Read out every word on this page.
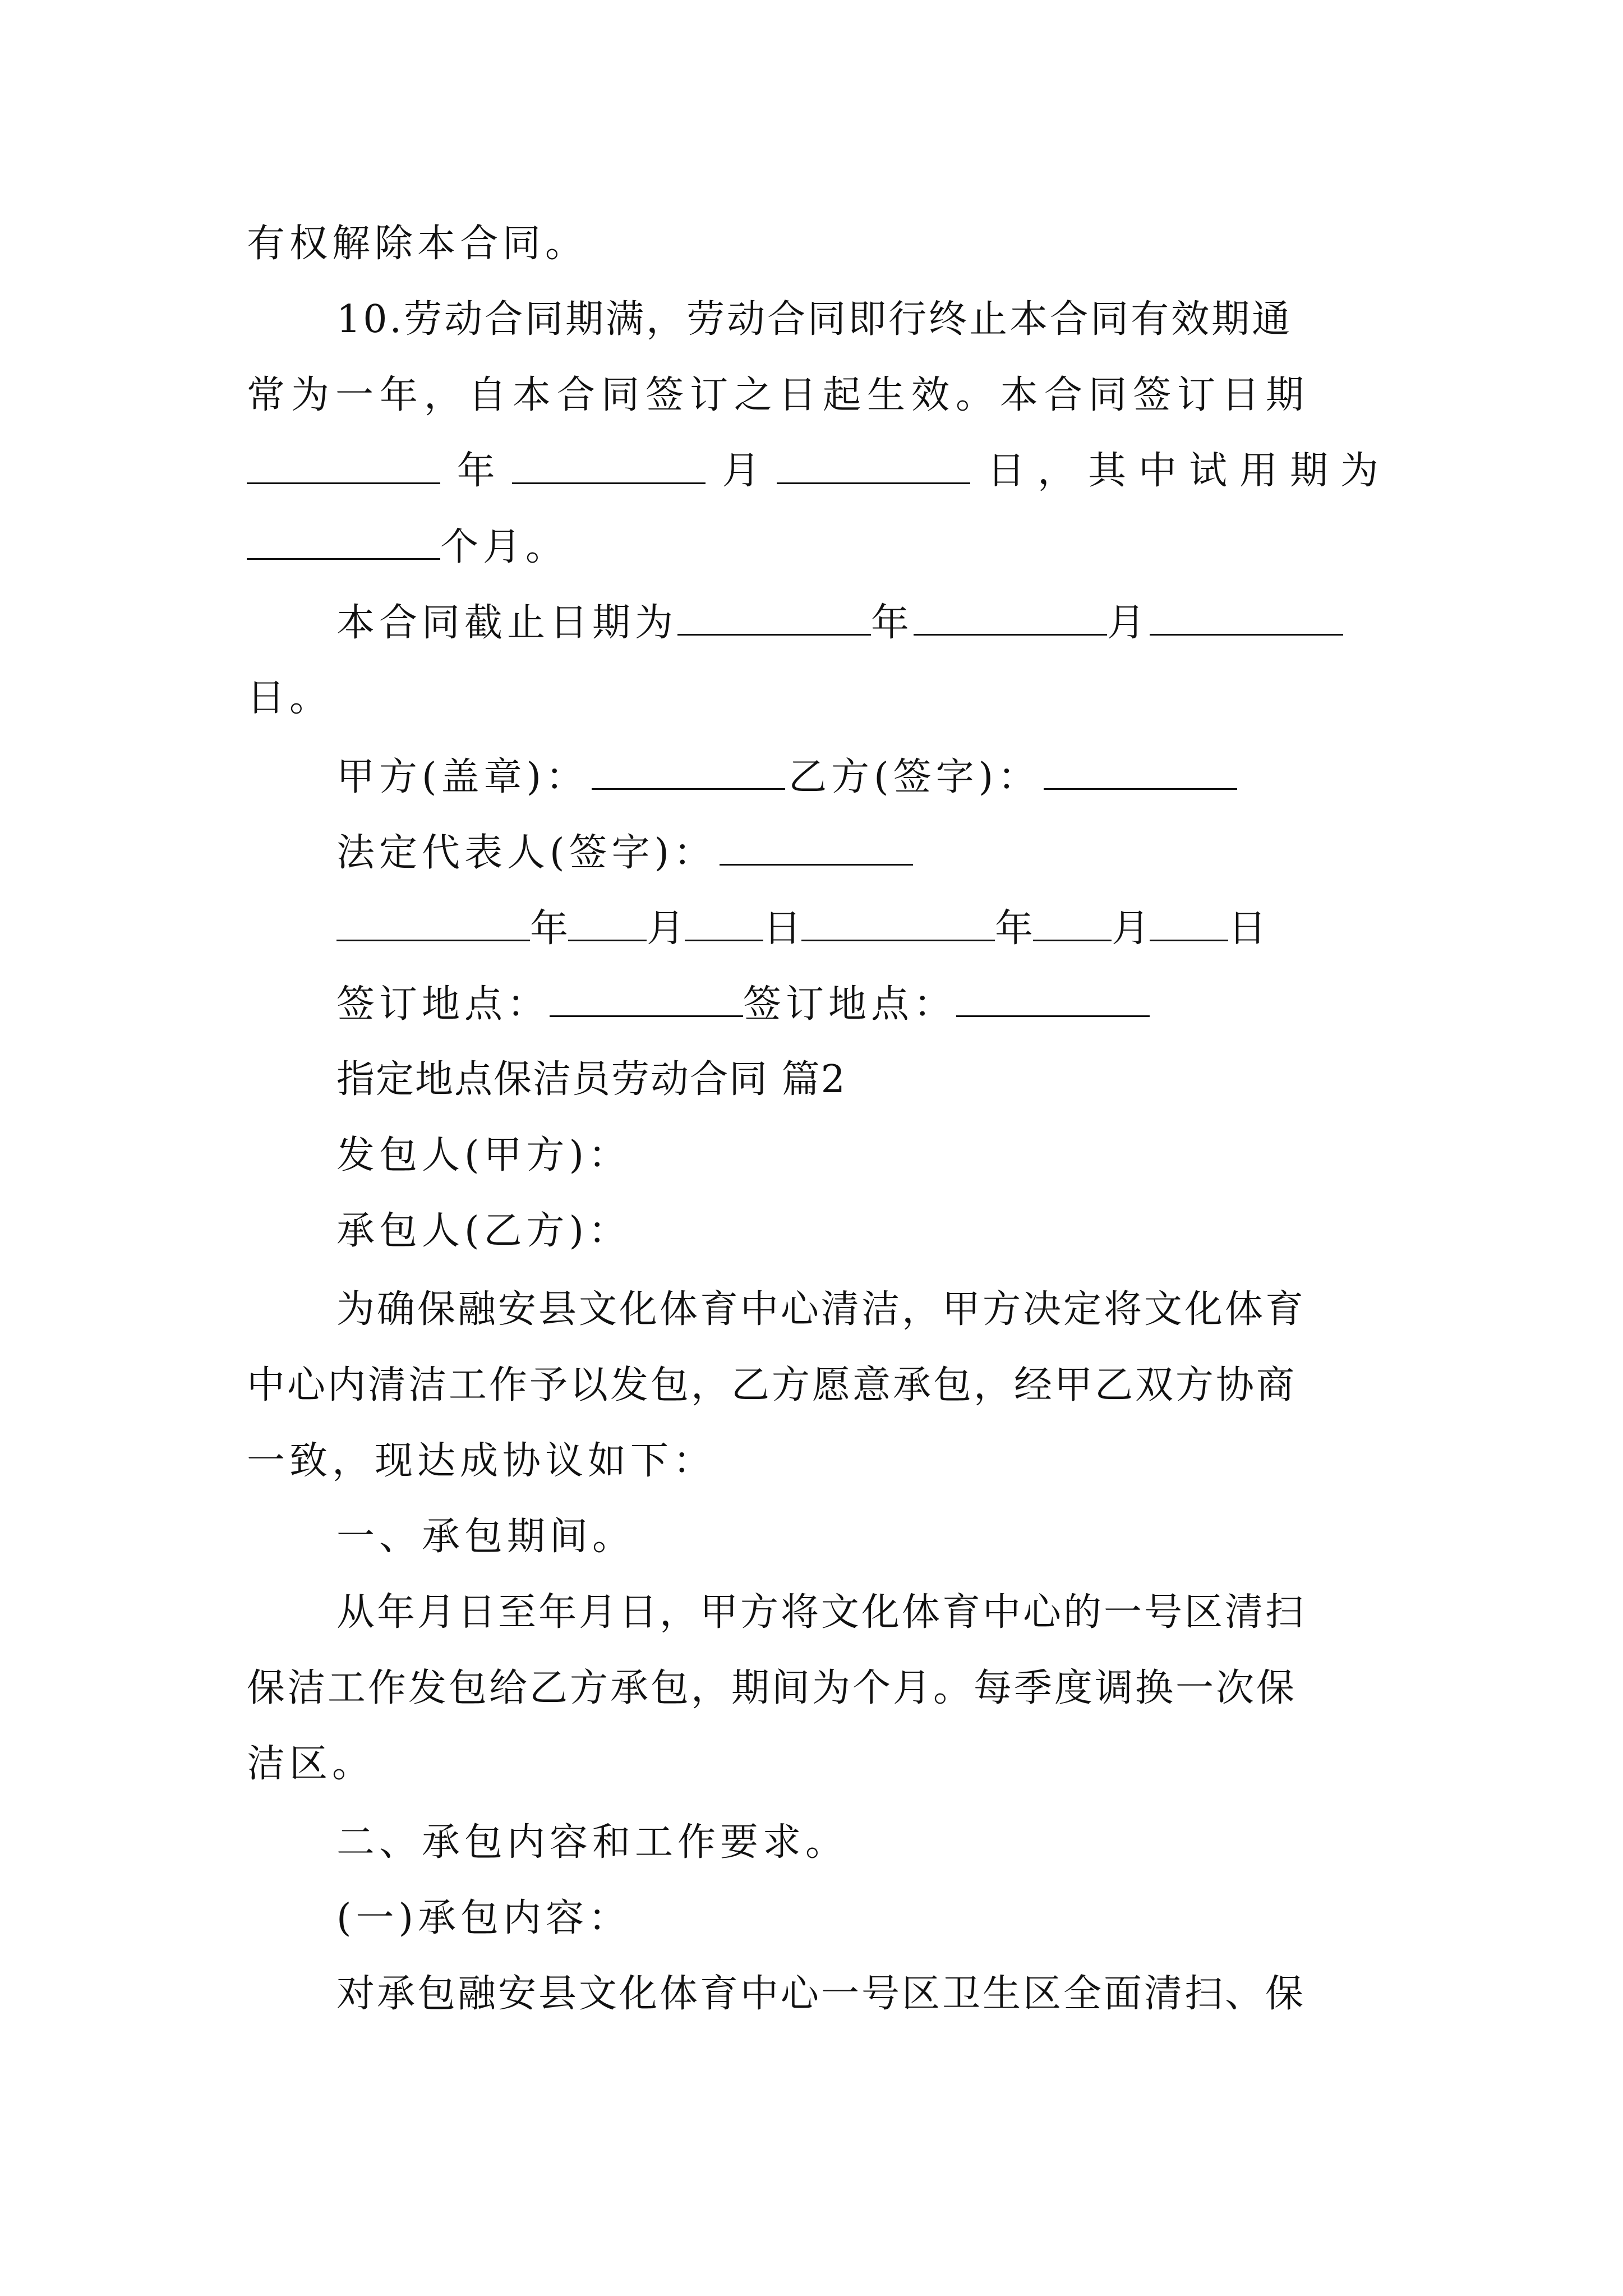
有权解除本合同。
10.劳动合同期满，劳动合同即行终止本合同有效期通
常为一年，自本合同签订之日起生效。本合同签订日期
年	月	日，其中试用期为
个月。
本合同截止日期为	年	月
日。
甲方(盖章)：	乙方(签字)：
法定代表人(签字)：
年 月 日	年 月 日
签订地点：	签订地点：
指定地点保洁员劳动合同 篇2
发包人(甲方)：
承包人(乙方)：
为确保融安县文化体育中心清洁，甲方决定将文化体育
中心内清洁工作予以发包，乙方愿意承包，经甲乙双方协商
一致，现达成协议如下：
一、承包期间。
从年月日至年月日，甲方将文化体育中心的一号区清扫
保洁工作发包给乙方承包，期间为个月。每季度调换一次保
洁区。
二、承包内容和工作要求。
(一)承包内容：
对承包融安县文化体育中心一号区卫生区全面清扫、保
